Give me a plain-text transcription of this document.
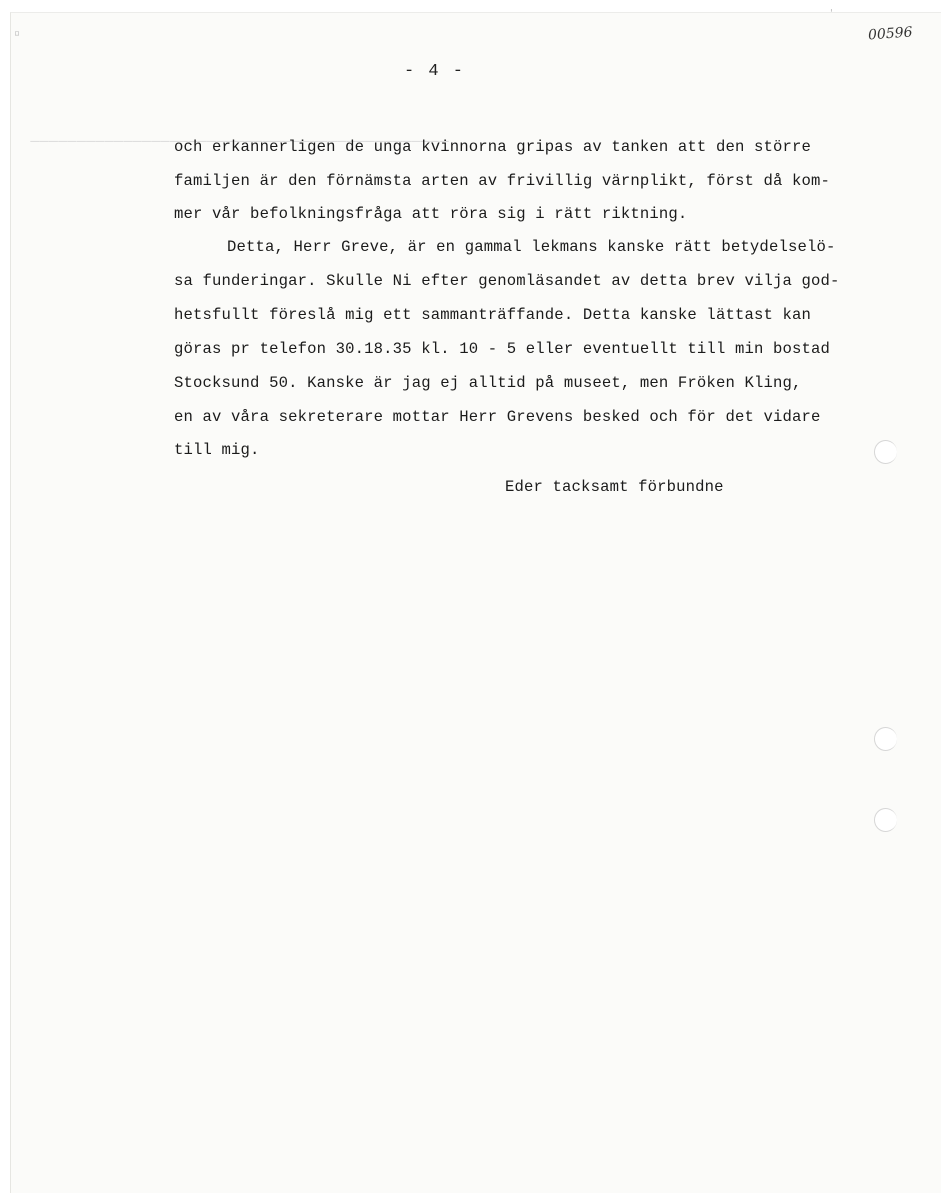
_____________________________________________
▫
'
00596
- 4 -
och erkannerligen de unga kvinnorna gripas av tanken att den större
familjen är den förnämsta arten av frivillig värnplikt, först då kom-
mer vår befolkningsfråga att röra sig i rätt riktning.
Detta, Herr Greve, är en gammal lekmans kanske rätt betydelselö-
sa funderingar. Skulle Ni efter genomläsandet av detta brev vilja god-
hetsfullt föreslå mig ett sammanträffande. Detta kanske lättast kan
göras pr telefon 30.18.35 kl. 10 - 5 eller eventuellt till min bostad
Stocksund 50. Kanske är jag ej alltid på museet, men Fröken Kling,
en av våra sekreterare mottar Herr Grevens besked och för det vidare
till mig.
Eder tacksamt förbundne
